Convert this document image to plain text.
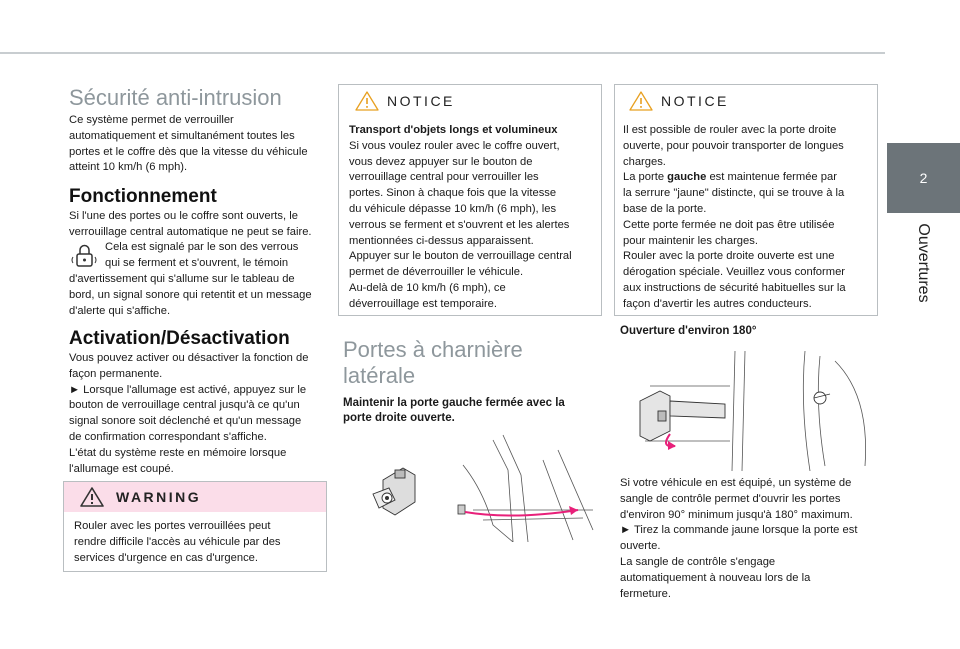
2
Ouvertures
Sécurité anti-intrusion
Ce système permet de verrouiller
automatiquement et simultanément toutes les
portes et le coffre dès que la vitesse du véhicule
atteint 10 km/h (6 mph).
Fonctionnement
Si l'une des portes ou le coffre sont ouverts, le
verrouillage central automatique ne peut se faire.
Cela est signalé par le son des verrous
qui se ferment et s'ouvrent, le témoin
d'avertissement qui s'allume sur le tableau de
bord, un signal sonore qui retentit et un message
d'alerte qui s'affiche.
Activation/Désactivation
Vous pouvez activer ou désactiver la fonction de
façon permanente.
► Lorsque l'allumage est activé, appuyez sur le
bouton de verrouillage central jusqu'à ce qu'un
signal sonore soit déclenché et qu'un message
de confirmation correspondant s'affiche.
L'état du système reste en mémoire lorsque
l'allumage est coupé.
WARNING
Rouler avec les portes verrouillées peut
rendre difficile l'accès au véhicule par des
services d'urgence en cas d'urgence.
NOTICE
Transport d'objets longs et volumineux
Si vous voulez rouler avec le coffre ouvert,
vous devez appuyer sur le bouton de
verrouillage central pour verrouiller les
portes. Sinon à chaque fois que la vitesse
du véhicule dépasse 10 km/h (6 mph), les
verrous se ferment et s'ouvrent et les alertes
mentionnées ci-dessus apparaissent.
Appuyer sur le bouton de verrouillage central
permet de déverrouiller le véhicule.
Au-delà de 10 km/h (6 mph), ce
déverrouillage est temporaire.
Portes à charnière
latérale
Maintenir la porte gauche fermée avec la
porte droite ouverte.
NOTICE
Il est possible de rouler avec la porte droite
ouverte, pour pouvoir transporter de longues
charges.
La porte gauche est maintenue fermée par
la serrure "jaune" distincte, qui se trouve à la
base de la porte.
Cette porte fermée ne doit pas être utilisée
pour maintenir les charges.
Rouler avec la porte droite ouverte est une
dérogation spéciale. Veuillez vous conformer
aux instructions de sécurité habituelles sur la
façon d'avertir les autres conducteurs.
Ouverture d'environ 180°
Si votre véhicule en est équipé, un système de
sangle de contrôle permet d'ouvrir les portes
d'environ 90° minimum jusqu'à 180° maximum.
► Tirez la commande jaune lorsque la porte est
ouverte.
La sangle de contrôle s'engage
automatiquement à nouveau lors de la
fermeture.
